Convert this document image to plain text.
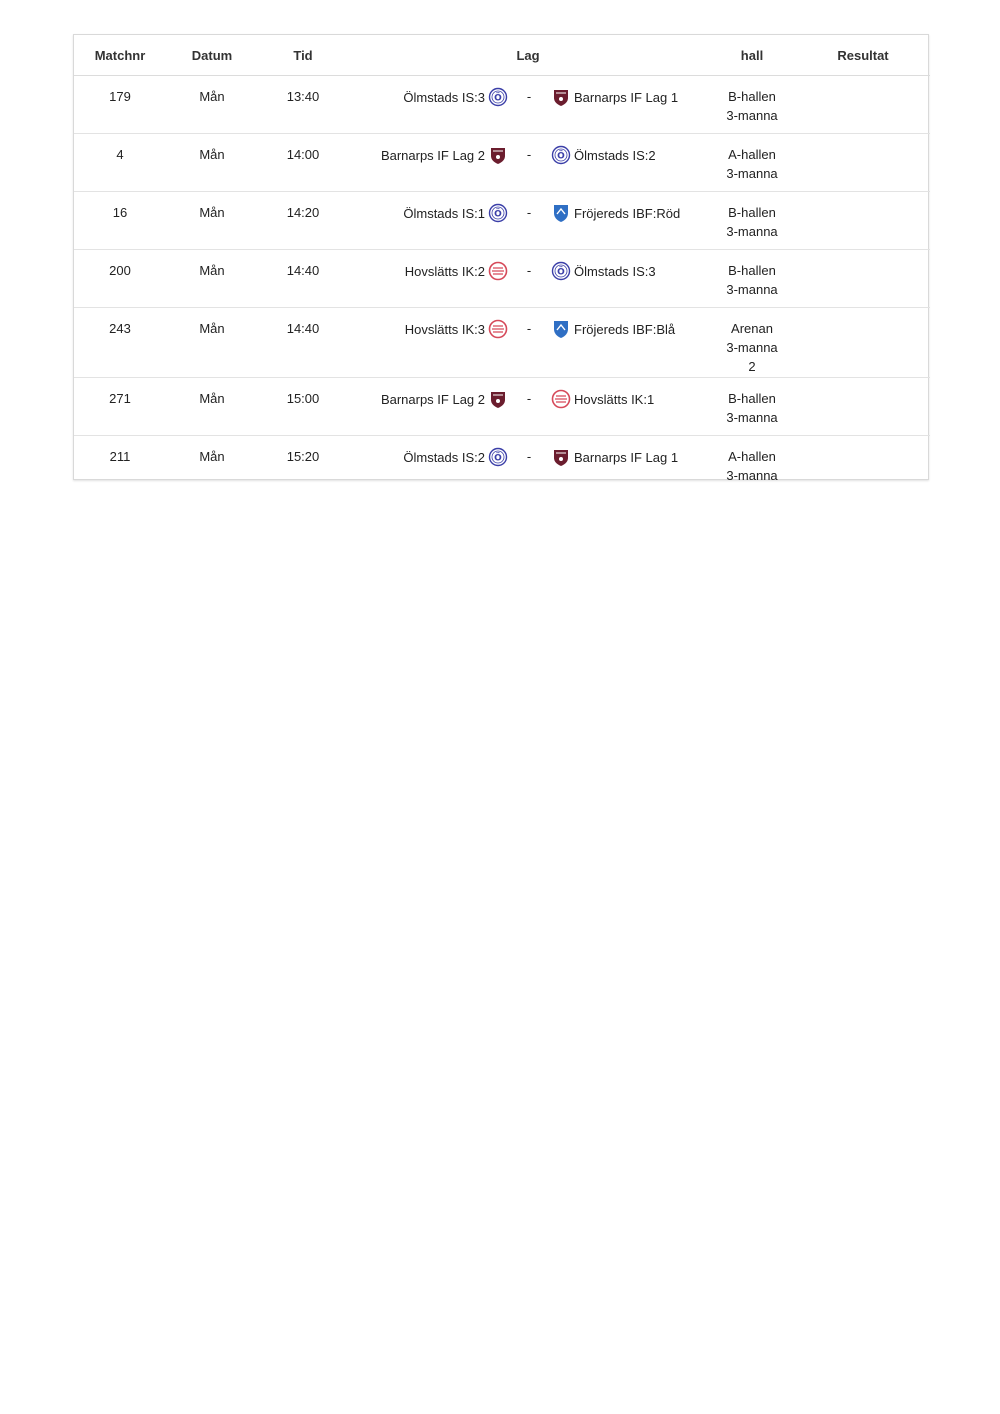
Matchnr	Datum	Tid	Lag			hall	Resultat
179	Mån	13:40	Ölmstads IS:3 Ö	-	Barnarps IF Lag 1	B-hallen 3-manna	
4	Mån	14:00	Barnarps IF Lag 2	-	Ö Ölmstads IS:2	A-hallen 3-manna	
16	Mån	14:20	Ölmstads IS:1 Ö	-	Fröjereds IBF:Röd	B-hallen 3-manna	
200	Mån	14:40	Hovslätts IK:2	-	Ö Ölmstads IS:3	B-hallen 3-manna	
243	Mån	14:40	Hovslätts IK:3	-	Fröjereds IBF:Blå	Arenan 3-manna 2	
271	Mån	15:00	Barnarps IF Lag 2	-	Hovslätts IK:1	B-hallen 3-manna	
211	Mån	15:20	Ölmstads IS:2 Ö	-	Barnarps IF Lag 1	A-hallen 3-manna	
